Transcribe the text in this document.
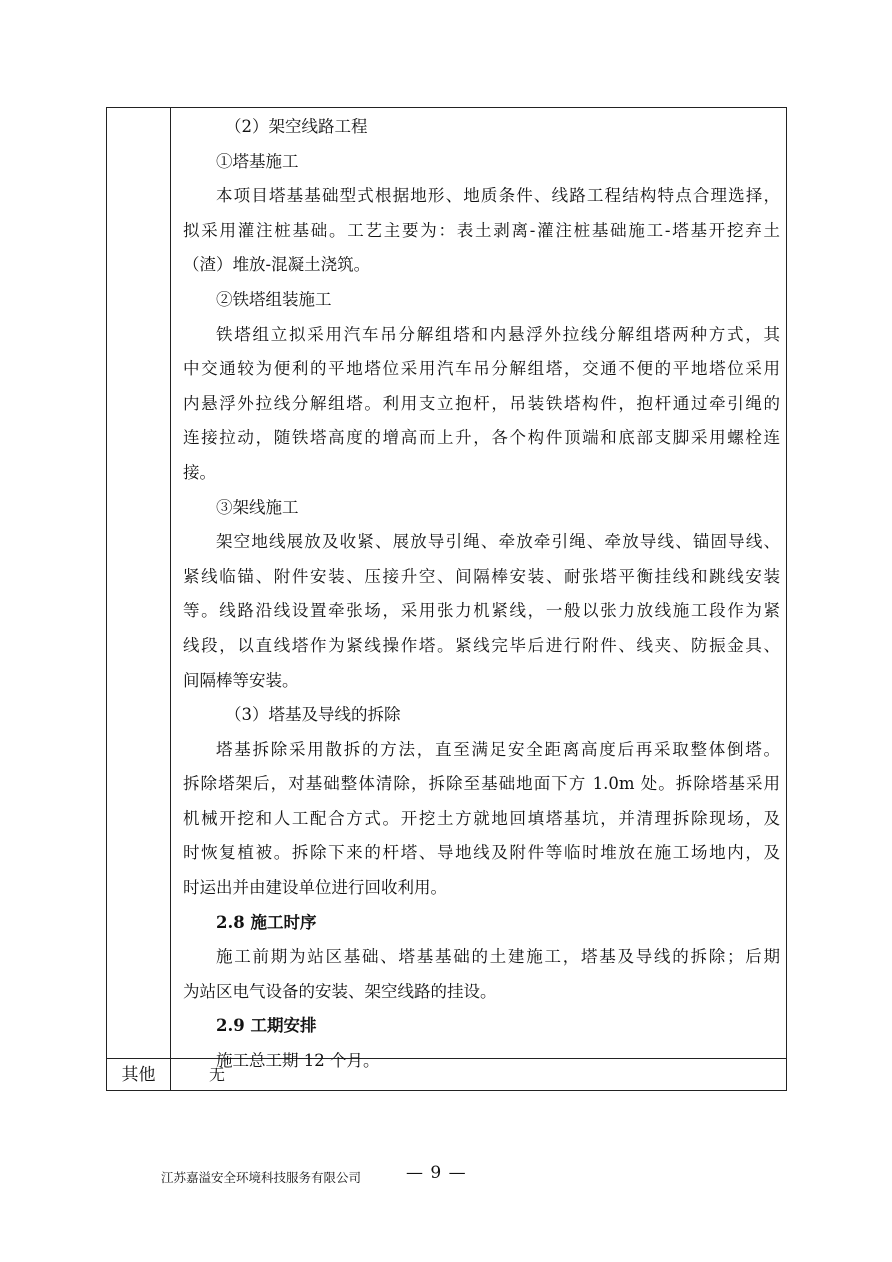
（2）架空线路工程
①塔基施工
本项目塔基基础型式根据地形、地质条件、线路工程结构特点合理选择，
拟采用灌注桩基础。工艺主要为：表土剥离-灌注桩基础施工-塔基开挖弃土
（渣）堆放-混凝土浇筑。
②铁塔组装施工
铁塔组立拟采用汽车吊分解组塔和内悬浮外拉线分解组塔两种方式，其
中交通较为便利的平地塔位采用汽车吊分解组塔，交通不便的平地塔位采用
内悬浮外拉线分解组塔。利用支立抱杆，吊装铁塔构件，抱杆通过牵引绳的
连接拉动，随铁塔高度的增高而上升，各个构件顶端和底部支脚采用螺栓连
接。
③架线施工
架空地线展放及收紧、展放导引绳、牵放牵引绳、牵放导线、锚固导线、
紧线临锚、附件安装、压接升空、间隔棒安装、耐张塔平衡挂线和跳线安装
等。线路沿线设置牵张场，采用张力机紧线，一般以张力放线施工段作为紧
线段，以直线塔作为紧线操作塔。紧线完毕后进行附件、线夹、防振金具、
间隔棒等安装。
（3）塔基及导线的拆除
塔基拆除采用散拆的方法，直至满足安全距离高度后再采取整体倒塔。
拆除塔架后，对基础整体清除，拆除至基础地面下方 1.0m 处。拆除塔基采用
机械开挖和人工配合方式。开挖土方就地回填塔基坑，并清理拆除现场，及
时恢复植被。拆除下来的杆塔、导地线及附件等临时堆放在施工场地内，及
时运出并由建设单位进行回收利用。
2.8 施工时序
施工前期为站区基础、塔基基础的土建施工，塔基及导线的拆除；后期
为站区电气设备的安装、架空线路的挂设。
2.9 工期安排
施工总工期 12 个月。
其他	无
江苏嘉溢安全环境科技服务有限公司	— 9 —
